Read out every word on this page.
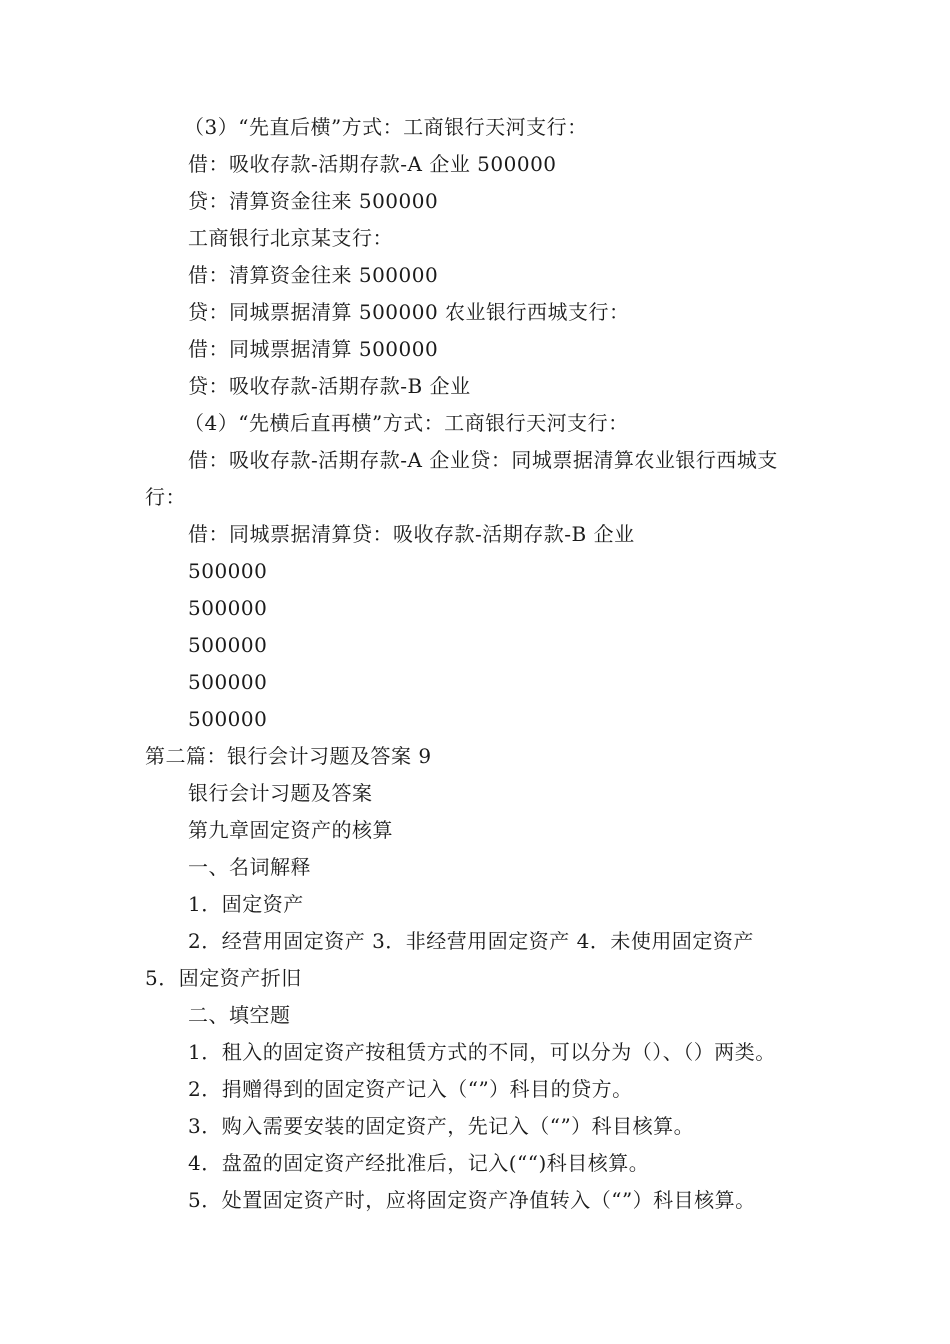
（3）“先直后横”方式：工商银行天河支行：
借：吸收存款-活期存款-A 企业 500000
贷：清算资金往来 500000
工商银行北京某支行：
借：清算资金往来 500000
贷：同城票据清算 500000 农业银行西城支行：
借：同城票据清算 500000
贷：吸收存款-活期存款-B 企业
（4）“先横后直再横”方式：工商银行天河支行：
借：吸收存款-活期存款-A 企业贷：同城票据清算农业银行西城支
行：
借：同城票据清算贷：吸收存款-活期存款-B 企业
500000
500000
500000
500000
500000
第二篇：银行会计习题及答案 9
银行会计习题及答案
第九章固定资产的核算
一、名词解释
1．固定资产
2．经营用固定资产 3．非经营用固定资产 4．未使用固定资产
5．固定资产折旧
二、填空题
1．租入的固定资产按租赁方式的不同，可以分为（）、（）两类。
2．捐赠得到的固定资产记入（“”）科目的贷方。
3．购入需要安装的固定资产，先记入（“”）科目核算。
4．盘盈的固定资产经批准后，记入(““)科目核算。
5．处置固定资产时，应将固定资产净值转入（“”）科目核算。
